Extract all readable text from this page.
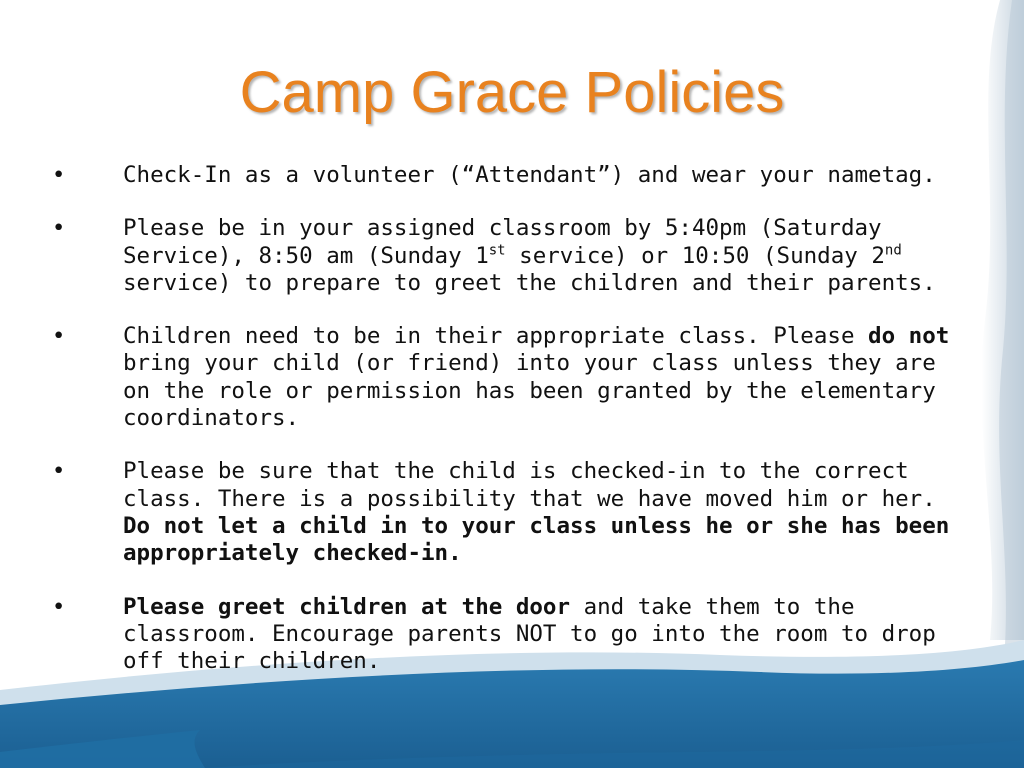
Camp Grace Policies
•	Check-In as a volunteer (“Attendant”) and wear your nametag.
•	Please be in your assigned classroom by 5:40pm (Saturday Service), 8:50 am (Sunday 1st service) or 10:50 (Sunday 2nd service) to prepare to greet the children and their parents.
•	Children need to be in their appropriate class. Please do not bring your child (or friend) into your class unless they are on the role or permission has been granted by the elementary coordinators.
•	Please be sure that the child is checked-in to the correct class. There is a possibility that we have moved him or her. Do not let a child in to your class unless he or she has been appropriately checked-in.
•	Please greet children at the door and take them to the classroom. Encourage parents NOT to go into the room to drop off their children.
